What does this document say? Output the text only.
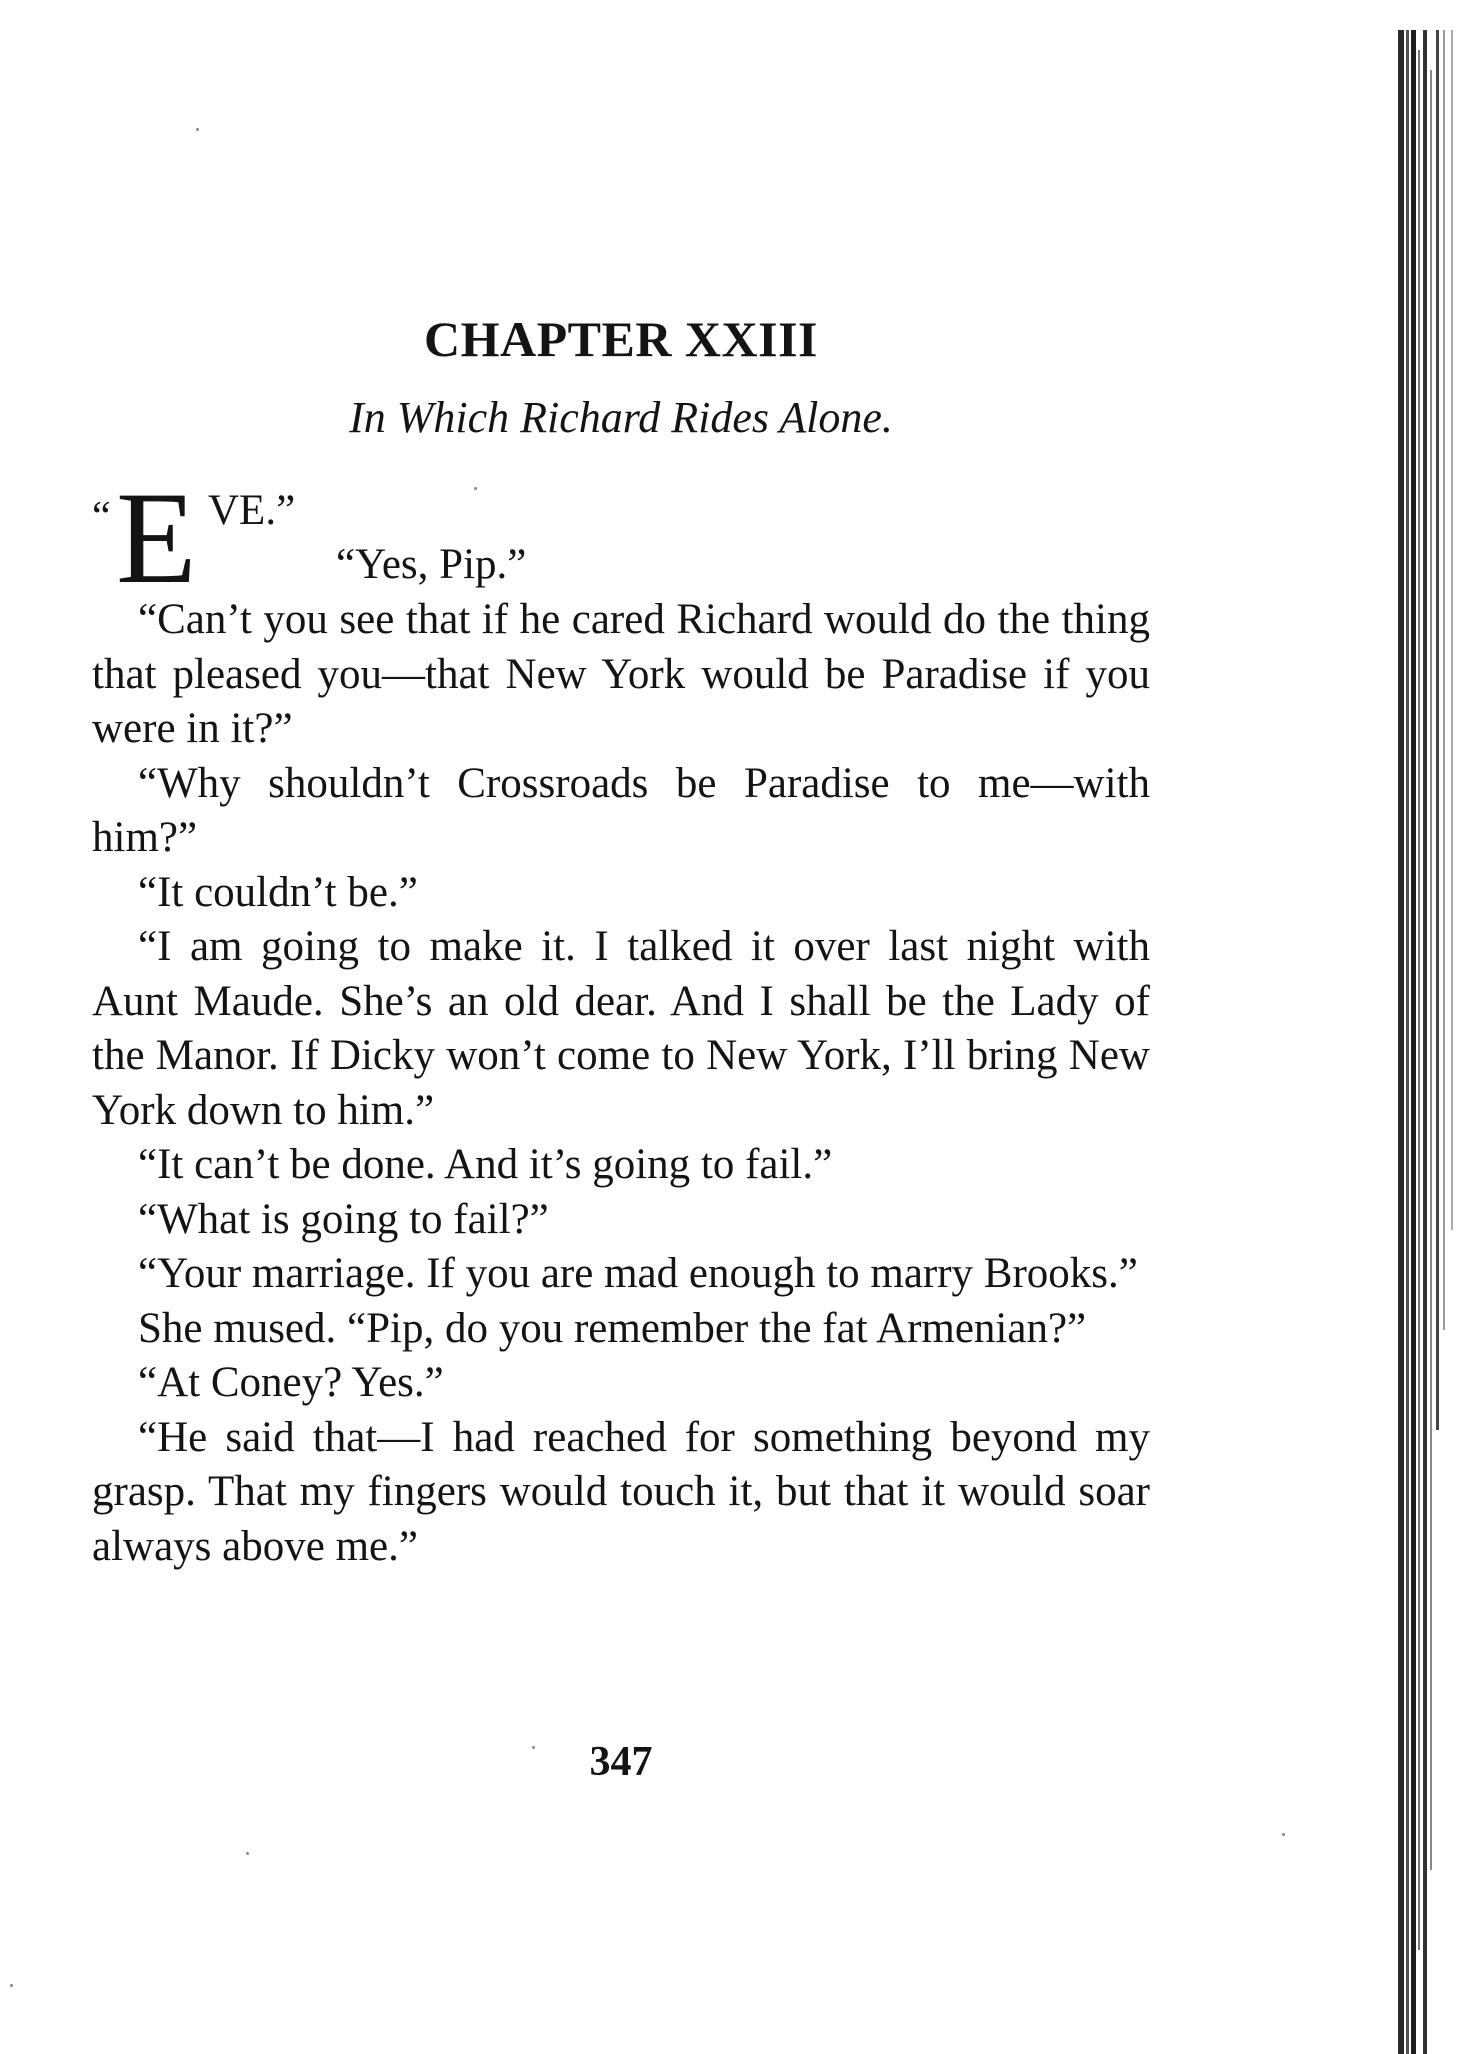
CHAPTER XXIII
In Which Richard Rides Alone.
“ E VE.”
“Yes, Pip.”

“Can’t you see that if he cared Richard would do the thing that pleased you—that New York would be Paradise if you were in it?”

“Why shouldn’t Crossroads be Paradise to me—with him?”

“It couldn’t be.”

“I am going to make it. I talked it over last night with Aunt Maude. She’s an old dear. And I shall be the Lady of the Manor. If Dicky won’t come to New York, I’ll bring New York down to him.”

“It can’t be done. And it’s going to fail.”

“What is going to fail?”

“Your marriage. If you are mad enough to marry Brooks.”

She mused. “Pip, do you remember the fat Armenian?”

“At Coney? Yes.”

“He said that—I had reached for something beyond my grasp. That my fingers would touch it, but that it would soar always above me.”

347
